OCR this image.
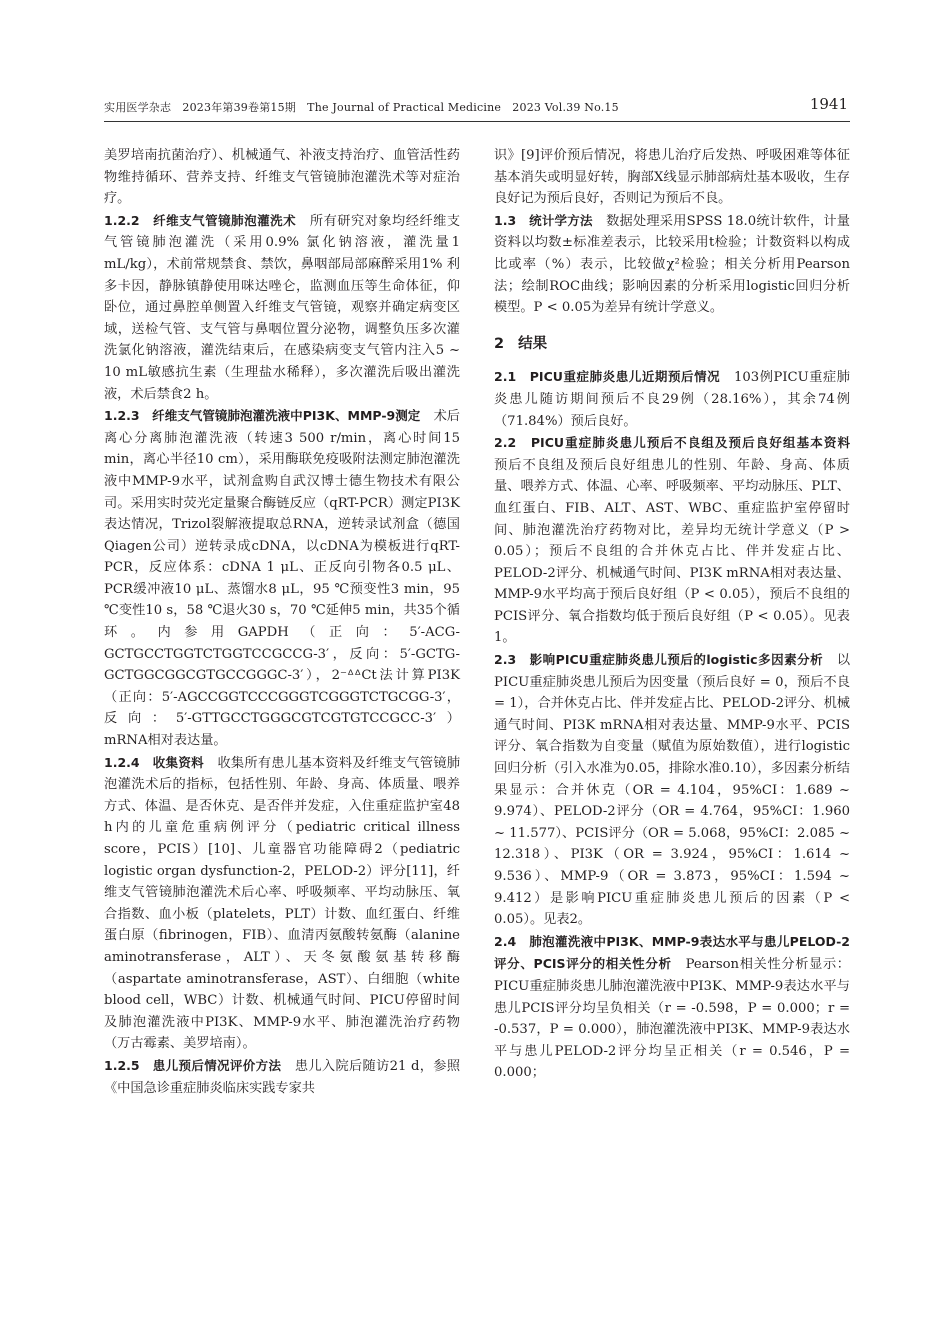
实用医学杂志　2023年第39卷第15期　The Journal of Practical Medicine　2023 Vol.39 No.15	1941

美罗培南抗菌治疗）、机械通气、补液支持治疗、血管活性药物维持循环、营养支持、纤维支气管镜肺泡灌洗术等对症治疗。

1.2.2　纤维支气管镜肺泡灌洗术　 所有研究对象均经纤维支气管镜肺泡灌洗（采用0.9% 氯化钠溶液，灌洗量1 mL/kg），术前常规禁食、禁饮，鼻咽部局部麻醉采用1% 利多卡因，静脉镇静使用咪达唑仑，监测血压等生命体征，仰卧位，通过鼻腔单侧置入纤维支气管镜，观察并确定病变区域，送检气管、支气管与鼻咽位置分泌物，调整负压多次灌洗氯化钠溶液，灌洗结束后，在感染病变支气管内注入5 ~ 10 mL敏感抗生素（生理盐水稀释），多次灌洗后吸出灌洗液，术后禁食2 h。

1.2.3　纤维支气管镜肺泡灌洗液中PI3K、MMP-9测定　 术后离心分离肺泡灌洗液（转速3 500 r/min，离心时间15 min，离心半径10 cm），采用酶联免疫吸附法测定肺泡灌洗液中MMP-9水平，试剂盒购自武汉博士德生物技术有限公司。采用实时荧光定量聚合酶链反应（qRT-PCR）测定PI3K表达情况，Trizol裂解液提取总RNA，逆转录试剂盒（德国Qiagen公司）逆转录成cDNA，以cDNA为模板进行qRT-PCR，反应体系：cDNA 1 μL、正反向引物各0.5 μL、PCR缓冲液10 μL、蒸馏水8 μL，95 ℃预变性3 min，95 ℃变性10 s，58 ℃退火30 s，70 ℃延伸5 min，共35个循环。内参用GAPDH（正向：5′-ACG-GCTGCCTGGTCTGGTCCGCCG-3′，反向：5′-GCTG-GCTGGCGGCGTGCCGGGC-3′），2⁻ᐞᐞCt法计算PI3K（正向：5′-AGCCGGTCCCGGGTCGGGTCTGCGG-3′，反向：5′-GTTGCCTGGGCGTCGTGTCCGCC-3′）mRNA相对表达量。

1.2.4　收集资料　 收集所有患儿基本资料及纤维支气管镜肺泡灌洗术后的指标，包括性别、年龄、身高、体质量、喂养方式、体温、是否休克、是否伴并发症，入住重症监护室48 h内的儿童危重病例评分（pediatric critical illness score，PCIS）[10]、儿童器官功能障碍2（pediatric logistic organ dysfunction-2，PELOD-2）评分[11]，纤维支气管镜肺泡灌洗术后心率、呼吸频率、平均动脉压、氧合指数、血小板（platelets，PLT）计数、血红蛋白、纤维蛋白原（fibrinogen，FIB）、血清丙氨酸转氨酶（alanine aminotransferase，ALT）、天冬氨酸氨基转移酶（aspartate aminotransferase，AST）、白细胞（white blood cell，WBC）计数、机械通气时间、PICU停留时间及肺泡灌洗液中PI3K、MMP-9水平、肺泡灌洗治疗药物（万古霉素、美罗培南）。

1.2.5　患儿预后情况评价方法　 患儿入院后随访21 d，参照《中国急诊重症肺炎临床实践专家共

识》[9]评价预后情况，将患儿治疗后发热、呼吸困难等体征基本消失或明显好转，胸部X线显示肺部病灶基本吸收，生存良好记为预后良好，否则记为预后不良。

1.3　统计学方法　 数据处理采用SPSS 18.0统计软件，计量资料以均数±标准差表示，比较采用t检验；计数资料以构成比或率（%）表示，比较做χ²检验；相关分析用Pearson法；绘制ROC曲线；影响因素的分析采用logistic回归分析模型。P < 0.05为差异有统计学意义。

2 结果

2.1　PICU重症肺炎患儿近期预后情况　 103例PICU重症肺炎患儿随访期间预后不良29例（28.16%），其余74例（71.84%）预后良好。

2.2　PICU重症肺炎患儿预后不良组及预后良好组基本资料　预后不良组及预后良好组患儿的性别、年龄、身高、体质量、喂养方式、体温、心率、呼吸频率、平均动脉压、PLT、血红蛋白、FIB、ALT、AST、WBC、重症监护室停留时间、肺泡灌洗治疗药物对比，差异均无统计学意义（P > 0.05）；预后不良组的合并休克占比、伴并发症占比、PELOD-2评分、机械通气时间、PI3K mRNA相对表达量、MMP-9水平均高于预后良好组（P < 0.05），预后不良组的PCIS评分、氧合指数均低于预后良好组（P < 0.05）。见表1。

2.3　影响PICU重症肺炎患儿预后的logistic多因素分析　 以PICU重症肺炎患儿预后为因变量（预后良好 = 0，预后不良 = 1），合并休克占比、伴并发症占比、PELOD-2评分、机械通气时间、PI3K mRNA相对表达量、MMP-9水平、PCIS评分、氧合指数为自变量（赋值为原始数值），进行logistic回归分析（引入水准为0.05，排除水准0.10），多因素分析结果显示：合并休克（OR = 4.104，95%CI：1.689 ~ 9.974）、PELOD-2评分（OR = 4.764，95%CI：1.960 ~ 11.577）、PCIS评分（OR = 5.068，95%CI：2.085 ~ 12.318）、PI3K（OR = 3.924，95%CI：1.614 ~ 9.536）、MMP-9（OR = 3.873，95%CI：1.594 ~ 9.412）是影响PICU重症肺炎患儿预后的因素（P < 0.05）。见表2。

2.4　肺泡灌洗液中PI3K、MMP-9表达水平与患儿PELOD-2评分、PCIS评分的相关性分析　 Pearson相关性分析显示：PICU重症肺炎患儿肺泡灌洗液中PI3K、MMP-9表达水平与患儿PCIS评分均呈负相关（r = -0.598，P = 0.000；r = -0.537，P = 0.000），肺泡灌洗液中PI3K、MMP-9表达水平与患儿PELOD-2评分均呈正相关（r = 0.546，P = 0.000；
